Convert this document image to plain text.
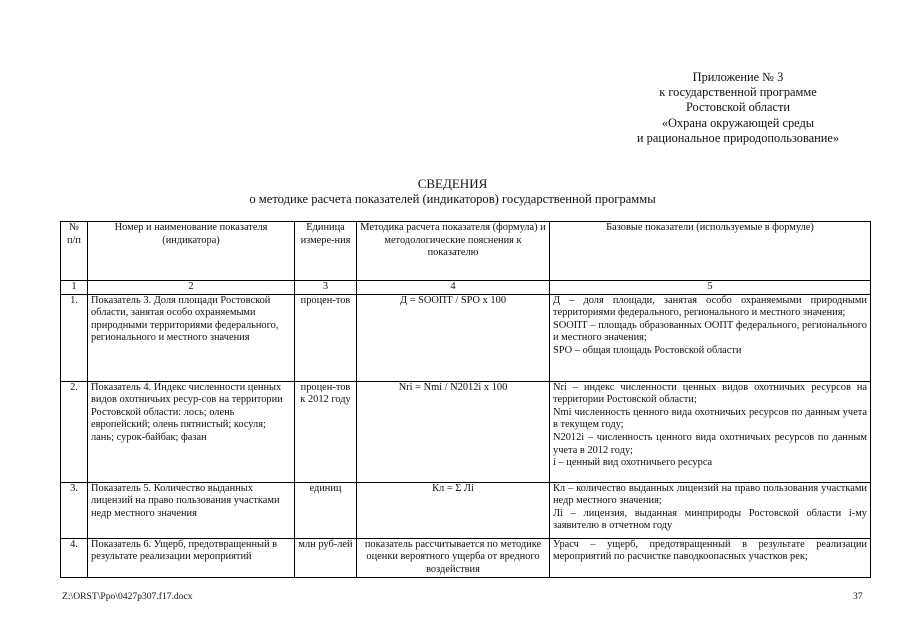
Приложение № 3
к государственной программе
Ростовской области
«Охрана окружающей среды
и рациональное природопользование»
СВЕДЕНИЯ
о методике расчета показателей (индикаторов) государственной программы
№ п/п	Номер и наименование показателя (индикатора)	Единица измере-ния	Методика расчета показателя (формула) и методологические пояснения к показателю	Базовые показатели (используемые в формуле)
1	2	3	4	5
1.	Показатель 3. Доля площади Ростовской области, занятая особо охраняемыми природными территориями федерального, регионального и местного значения	процен-тов	Д = SООПТ / SРО х 100	Д – доля площади, занятая особо охраняемыми природными территориями федерального, регионального и местного значения;
SООПТ – площадь образованных ООПТ федерального, регионального и местного значения;
SРО – общая площадь Ростовской области

2.	Показатель 4. Индекс численности ценных видов охотничьих ресур-сов на территории Ростовской области: лось; олень европейский; олень пятнистый; косуля; лань; сурок-байбак; фазан	процен-тов к 2012 году	Nri = Nmi / N2012i х 100	Nri – индекс численности ценных видов охотничьих ресурсов на территории Ростовской области;
Nmi численность ценного вида охотничьих ресурсов по данным учета в текущем году;
N2012i – численность ценного вида охотничьих ресурсов по данным учета в 2012 году;
i – ценный вид охотничьего ресурса

3.	Показатель 5. Количество выданных лицензий на право пользования участками недр местного значения	единиц	Кл = Σ Лi	Кл – количество выданных лицензий на право пользования участками недр местного значения;
Лi – лицензия, выданная минприроды Ростовской области i-му заявителю в отчетном году

4.	Показатель 6. Ущерб, предотвращенный в результате реализации мероприятий	млн руб-лей	показатель рассчитывается по методике оценки вероятного ущерба от вредного воздействия	Урасч – ущерб, предотвращенный в результате реализации мероприятий по расчистке паводкоопасных участков рек;
Z:\ORST\Ppo\0427p307.f17.docx	37
